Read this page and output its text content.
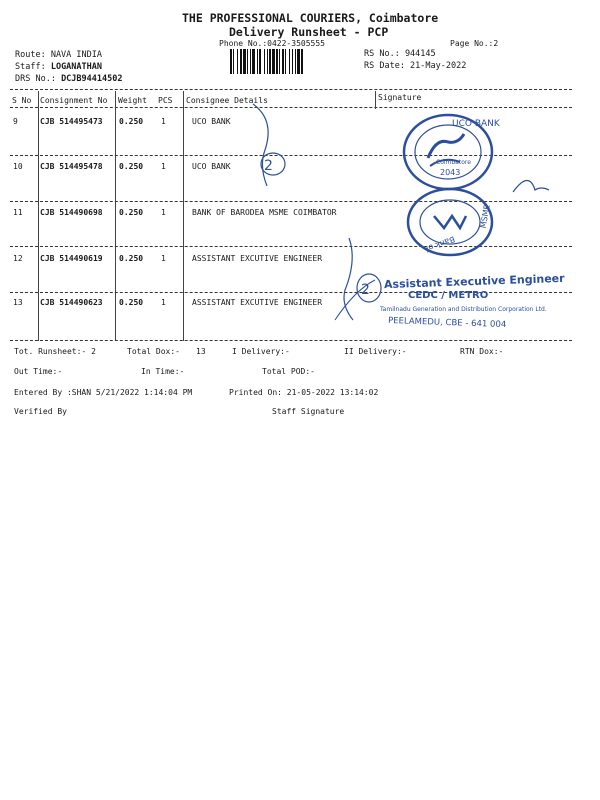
THE PROFESSIONAL COURIERS, Coimbatore
Delivery Runsheet - PCP
Phone No.:0422-3505555	Page No.:2
Route: NAVA INDIA
Staff: LOGANATHAN
DRS No.: DCJB94414502
RS No.: 944145
RS Date: 21-May-2022
S No Consignment No Weight PCS Consignee Details	Signature
9	CJB 514495473 0.250 1	UCO BANK
10 CJB 514495478 0.250 1	UCO BANK
11 CJB 514490698 0.250 1	BANK OF BARODEA MSME COIMBATOR
12 CJB 514490619 0.250 1	ASSISTANT EXCUTIVE ENGINEER
13 CJB 514490623 0.250 1	ASSISTANT EXCUTIVE ENGINEER
UCO BANK
Coimbatore
2043
Bank of
MSME
2
2 Assistant Executive Engineer
CEDC / METRO
Tamilnadu Generation and Distribution Corporation Ltd.
PEELAMEDU, CBE - 641 004
Tot. Runsheet:- 2	Total Dox:- 13	I Delivery:-	II Delivery:-	RTN Dox:-
Out Time:-	In Time:-	Total POD:-
Entered By :SHAN 5/21/2022 1:14:04 PM	Printed On: 21-05-2022 13:14:02
Verified By	Staff Signature
